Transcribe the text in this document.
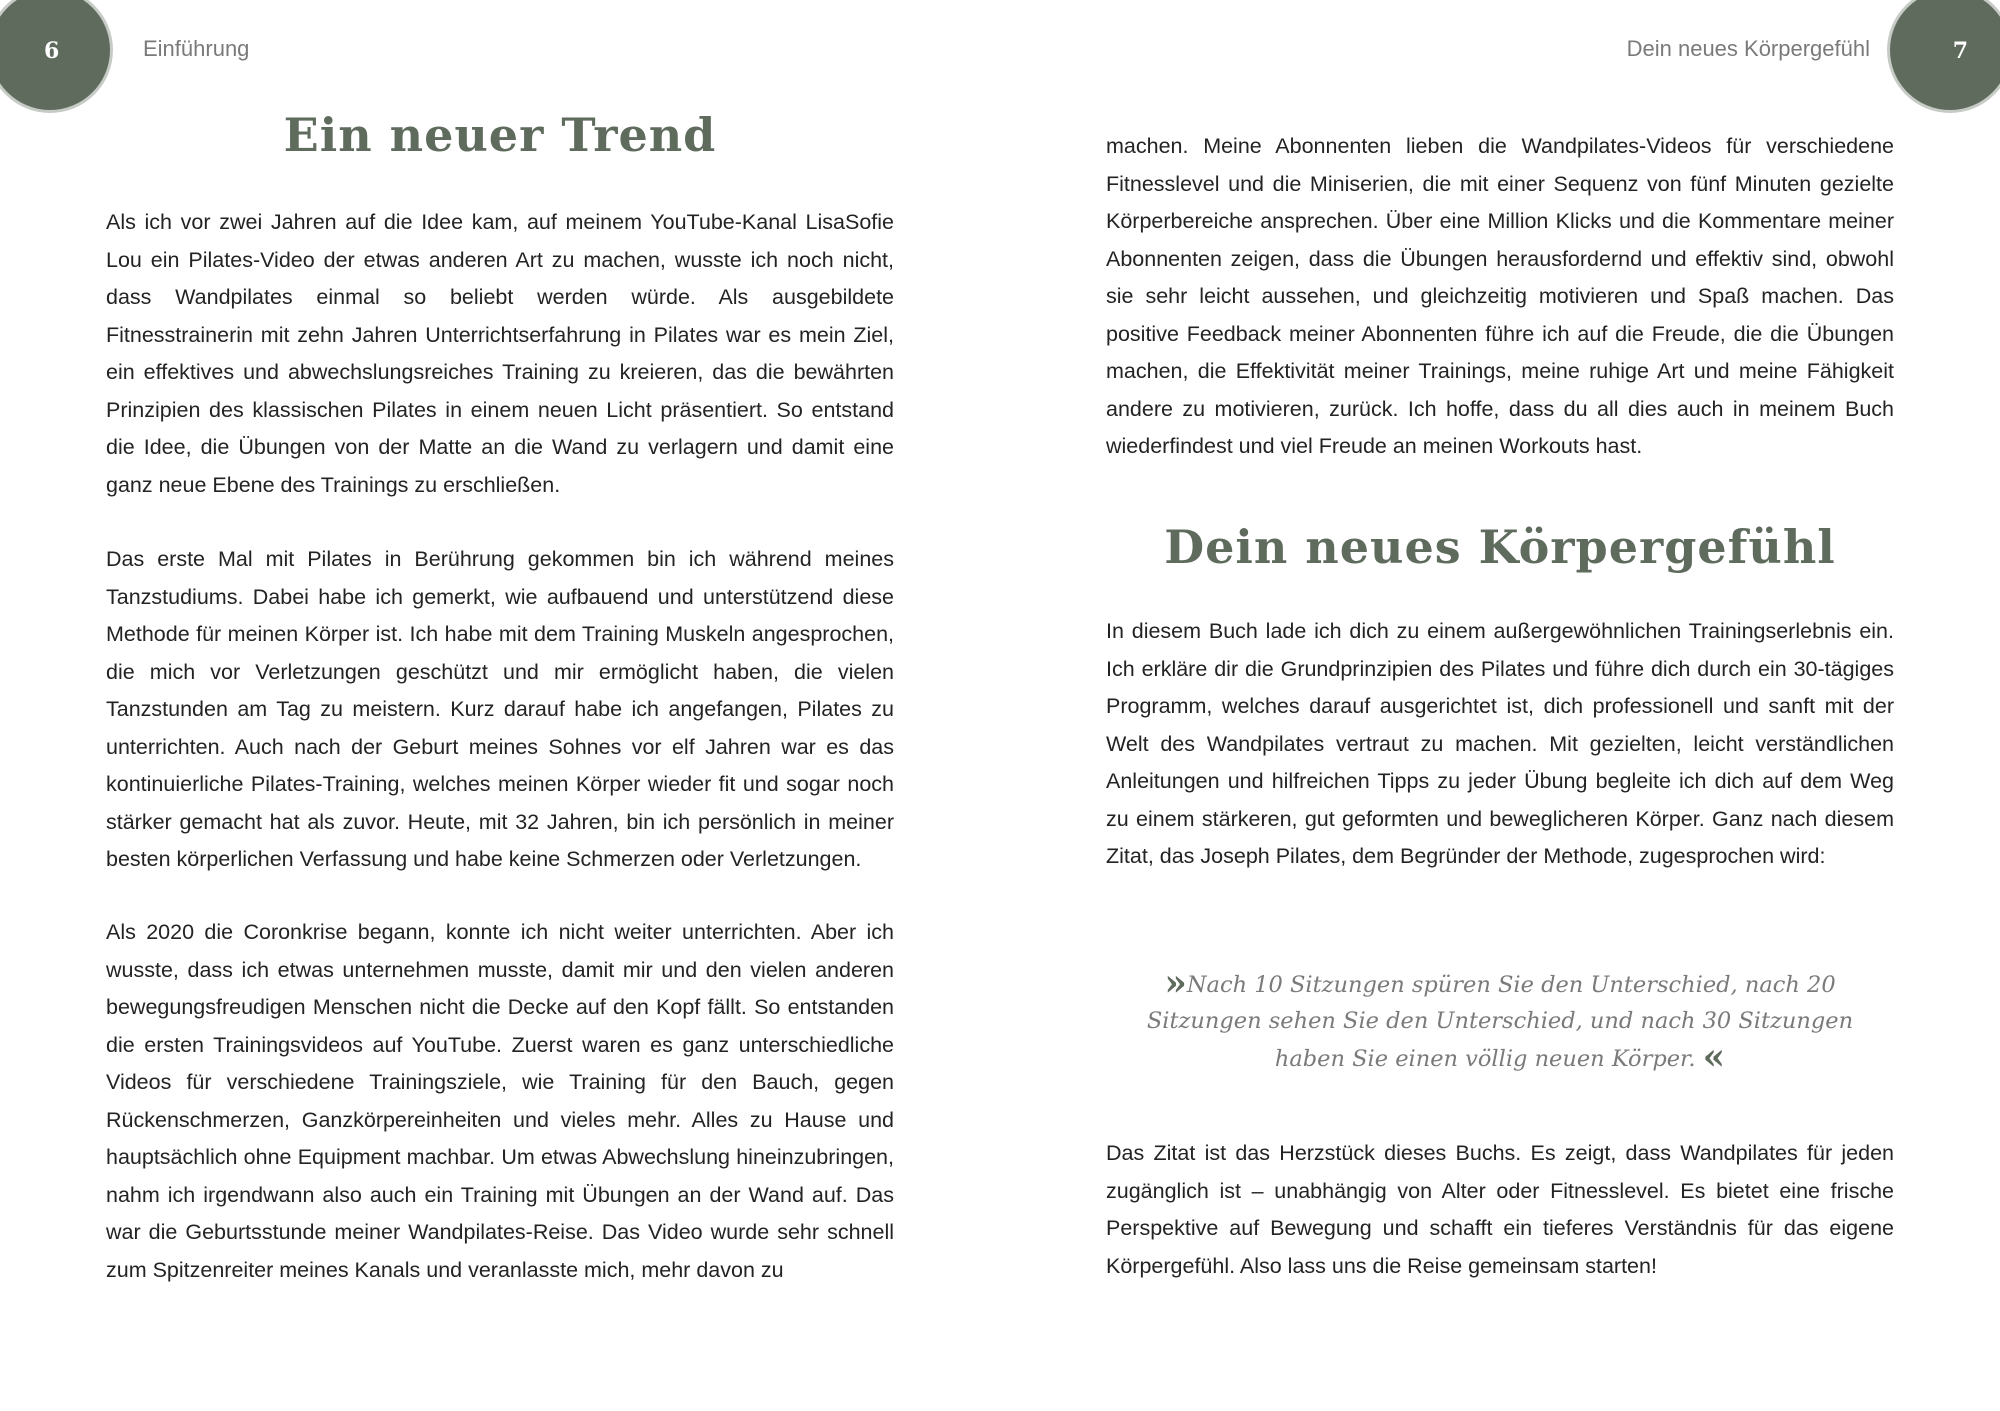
6	Einführung
Ein neuer Trend

Als ich vor zwei Jahren auf die Idee kam, auf meinem YouTube-Kanal LisaSofie Lou ein Pilates-Video der etwas anderen Art zu machen, wusste ich noch nicht, dass Wandpilates einmal so beliebt werden würde. Als ausgebildete Fitnesstrainerin mit zehn Jahren Unterrichtserfahrung in Pilates war es mein Ziel, ein effektives und abwechslungsreiches Training zu kreieren, das die bewährten Prinzipien des klassischen Pilates in einem neuen Licht präsentiert. So entstand die Idee, die Übungen von der Matte an die Wand zu verlagern und damit eine ganz neue Ebene des Trainings zu erschließen.

Das erste Mal mit Pilates in Berührung gekommen bin ich während meines Tanzstudiums. Dabei habe ich gemerkt, wie aufbauend und unterstützend diese Methode für meinen Körper ist. Ich habe mit dem Training Muskeln angesprochen, die mich vor Verletzungen geschützt und mir ermöglicht haben, die vielen Tanzstunden am Tag zu meistern. Kurz darauf habe ich angefangen, Pilates zu unterrichten. Auch nach der Geburt meines Sohnes vor elf Jahren war es das kontinuierliche Pilates-Training, welches meinen Körper wieder fit und sogar noch stärker gemacht hat als zuvor. Heute, mit 32 Jahren, bin ich persönlich in meiner besten körperlichen Verfassung und habe keine Schmerzen oder Verletzungen.

Als 2020 die Coronkrise begann, konnte ich nicht weiter unterrichten. Aber ich wusste, dass ich etwas unternehmen musste, damit mir und den vielen anderen bewegungsfreudigen Menschen nicht die Decke auf den Kopf fällt. So entstanden die ersten Trainingsvideos auf YouTube. Zuerst waren es ganz unterschiedliche Videos für verschiedene Trainingsziele, wie Training für den Bauch, gegen Rückenschmerzen, Ganzkörpereinheiten und vieles mehr. Alles zu Hause und hauptsächlich ohne Equipment machbar. Um etwas Abwechslung hineinzubringen, nahm ich irgendwann also auch ein Training mit Übungen an der Wand auf. Das war die Geburtsstunde meiner Wandpilates-Reise. Das Video wurde sehr schnell zum Spitzenreiter meines Kanals und veranlasste mich, mehr davon zu

7
Dein neues Körpergefühl

machen. Meine Abonnenten lieben die Wandpilates-Videos für verschiedene Fitnesslevel und die Miniserien, die mit einer Sequenz von fünf Minuten gezielte Körperbereiche ansprechen. Über eine Million Klicks und die Kommentare meiner Abonnenten zeigen, dass die Übungen herausfordernd und effektiv sind, obwohl sie sehr leicht aussehen, und gleichzeitig motivieren und Spaß machen. Das positive Feedback meiner Abonnenten führe ich auf die Freude, die die Übungen machen, die Effektivität meiner Trainings, meine ruhige Art und meine Fähigkeit andere zu motivieren, zurück. Ich hoffe, dass du all dies auch in meinem Buch wiederfindest und viel Freude an meinen Workouts hast.

Dein neues Körpergefühl

In diesem Buch lade ich dich zu einem außergewöhnlichen Trainingserlebnis ein. Ich erkläre dir die Grundprinzipien des Pilates und führe dich durch ein 30-tägiges Programm, welches darauf ausgerichtet ist, dich professionell und sanft mit der Welt des Wandpilates vertraut zu machen. Mit gezielten, leicht verständlichen Anleitungen und hilfreichen Tipps zu jeder Übung begleite ich dich auf dem Weg zu einem stärkeren, gut geformten und beweglicheren Körper. Ganz nach diesem Zitat, das Joseph Pilates, dem Begründer der Methode, zugesprochen wird:

»Nach 10 Sitzungen spüren Sie den Unterschied, nach 20 Sitzungen sehen Sie den Unterschied, und nach 30 Sitzungen haben Sie einen völlig neuen Körper. «

Das Zitat ist das Herzstück dieses Buchs. Es zeigt, dass Wandpilates für jeden zugänglich ist – unabhängig von Alter oder Fitnesslevel. Es bietet eine frische Perspektive auf Bewegung und schafft ein tieferes Verständnis für das eigene Körpergefühl. Also lass uns die Reise gemeinsam starten!
